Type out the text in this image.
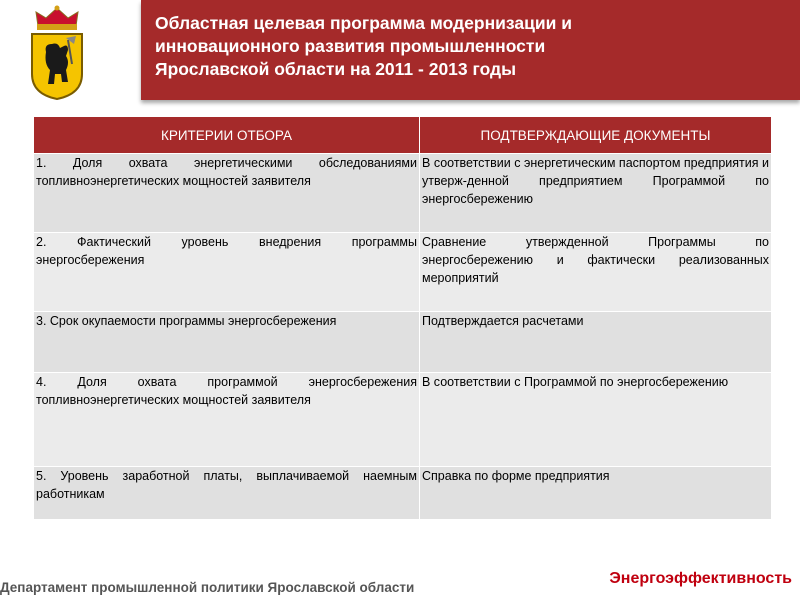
Областная целевая программа модернизации и
инновационного развития промышленности
Ярославской области на 2011 - 2013 годы
КРИТЕРИИ ОТБОРА	ПОДТВЕРЖДАЮЩИЕ ДОКУМЕНТЫ
1. Доля охвата энергетическими обследованиями топливноэнергетических мощностей заявителя	В соответствии с энергетическим паспортом предприятия и утверж-денной предприятием Программой по энергосбережению
2. Фактический уровень внедрения программы энергосбережения	Сравнение утвержденной Программы по энергосбережению и фактически реализованных мероприятий
3. Срок окупаемости программы энергосбережения	Подтверждается расчетами
4. Доля охвата программой энергосбережения топливноэнергетических мощностей заявителя	В соответствии с Программой по энергосбережению
5. Уровень заработной платы, выплачиваемой наемным работникам	Справка по форме предприятия
Департамент промышленной политики Ярославской области
Энергоэффективность
